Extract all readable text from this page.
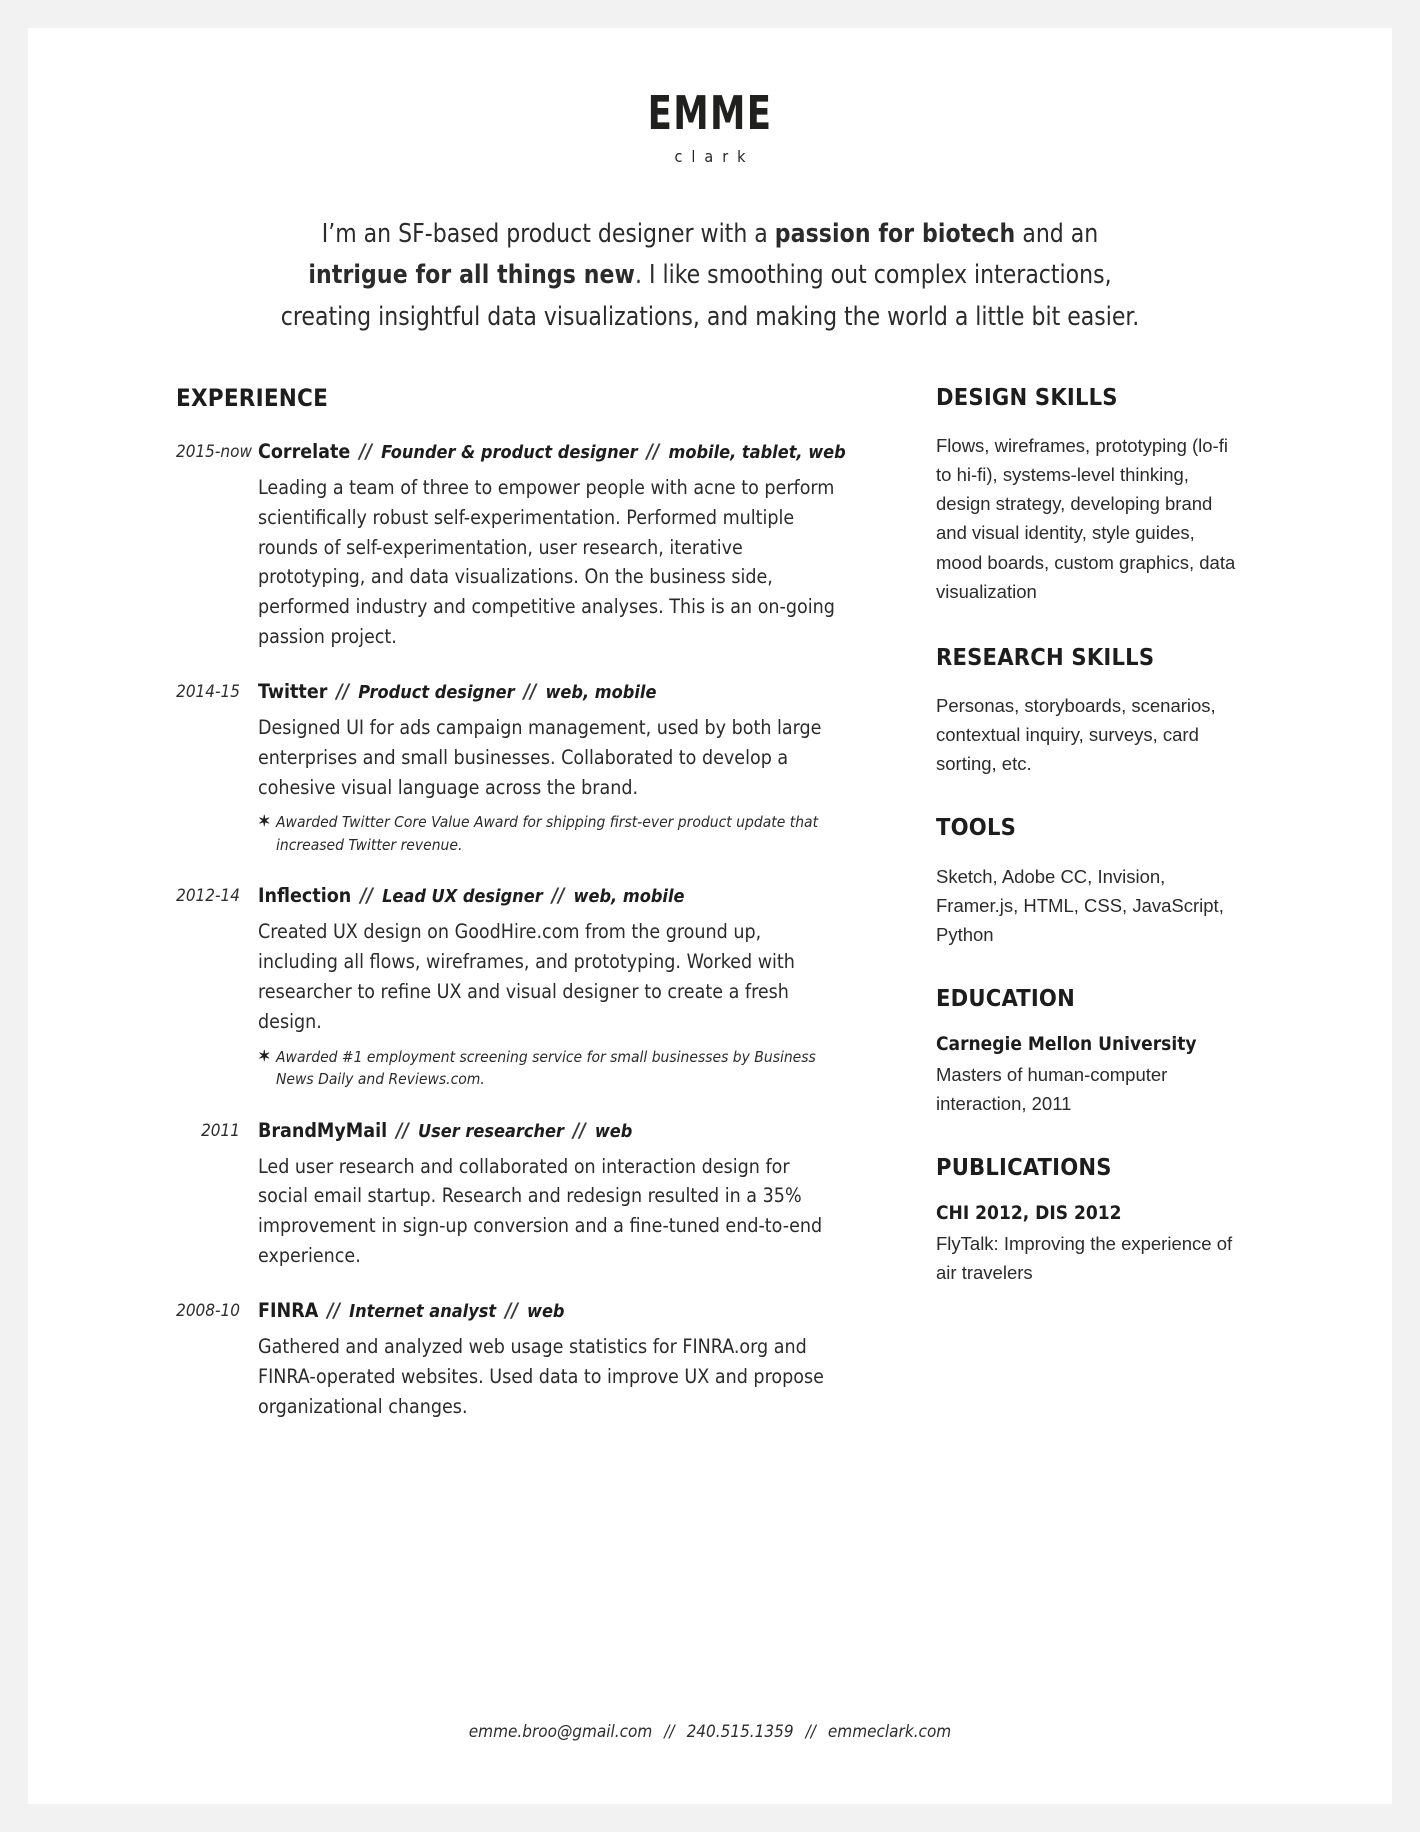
EMME
clark

I’m an SF-based product designer with a passion for biotech and an intrigue for all things new. I like smoothing out complex interactions, creating insightful data visualizations, and making the world a little bit easier.

EXPERIENCE
2015-now Correlate // Founder & product designer // mobile, tablet, web
Leading a team of three to empower people with acne to perform scientifically robust self-experimentation. Performed multiple rounds of self-experimentation, user research, iterative prototyping, and data visualizations. On the business side, performed industry and competitive analyses. This is an on-going passion project.
2014-15 Twitter // Product designer // web, mobile
Designed UI for ads campaign management, used by both large enterprises and small businesses. Collaborated to develop a cohesive visual language across the brand.
✶ Awarded Twitter Core Value Award for shipping first-ever product update that increased Twitter revenue.
2012-14 Inflection // Lead UX designer // web, mobile
Created UX design on GoodHire.com from the ground up, including all flows, wireframes, and prototyping. Worked with researcher to refine UX and visual designer to create a fresh design.
✶ Awarded #1 employment screening service for small businesses by Business News Daily and Reviews.com.
2011 BrandMyMail // User researcher // web
Led user research and collaborated on interaction design for social email startup. Research and redesign resulted in a 35% improvement in sign-up conversion and a fine-tuned end-to-end experience.
2008-10 FINRA // Internet analyst // web
Gathered and analyzed web usage statistics for FINRA.org and FINRA-operated websites. Used data to improve UX and propose organizational changes.
DESIGN SKILLS
Flows, wireframes, prototyping (lo-fi to hi-fi), systems-level thinking, design strategy, developing brand and visual identity, style guides, mood boards, custom graphics, data visualization
RESEARCH SKILLS
Personas, storyboards, scenarios, contextual inquiry, surveys, card sorting, etc.
TOOLS
Sketch, Adobe CC, Invision, Framer.js, HTML, CSS, JavaScript, Python
EDUCATION
Carnegie Mellon University
Masters of human-computer interaction, 2011
PUBLICATIONS
CHI 2012, DIS 2012
FlyTalk: Improving the experience of air travelers
emme.broo@gmail.com // 240.515.1359 // emmeclark.com
